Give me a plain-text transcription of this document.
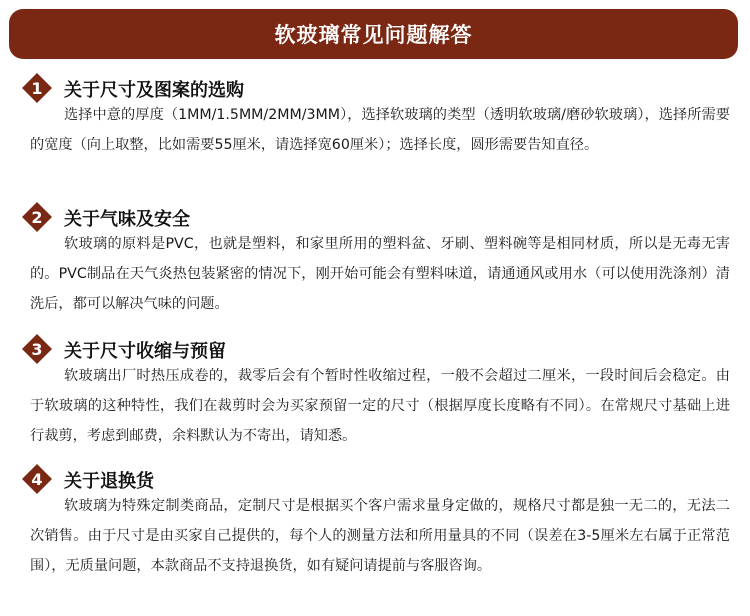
软玻璃常见问题解答
1	关于尺寸及图案的选购
选择中意的厚度（1MM/1.5MM/2MM/3MM），选择软玻璃的类型（透明软玻璃/磨砂软玻璃），选择所需要的宽度（向上取整，比如需要55厘米，请选择宽60厘米）；选择长度，圆形需要告知直径。
2	关于气味及安全
软玻璃的原料是PVC，也就是塑料，和家里所用的塑料盆、牙刷、塑料碗等是相同材质，所以是无毒无害的。PVC制品在天气炎热包装紧密的情况下，刚开始可能会有塑料味道，请通通风或用水（可以使用洗涤剂）清洗后，都可以解决气味的问题。
3	关于尺寸收缩与预留
软玻璃出厂时热压成卷的，裁零后会有个暂时性收缩过程，一般不会超过二厘米，一段时间后会稳定。由于软玻璃的这种特性，我们在裁剪时会为买家预留一定的尺寸（根据厚度长度略有不同）。在常规尺寸基础上进行裁剪，考虑到邮费，余料默认为不寄出，请知悉。
4	关于退换货
软玻璃为特殊定制类商品，定制尺寸是根据买个客户需求量身定做的，规格尺寸都是独一无二的，无法二次销售。由于尺寸是由买家自己提供的，每个人的测量方法和所用量具的不同（误差在3-5厘米左右属于正常范围），无质量问题，本款商品不支持退换货，如有疑问请提前与客服咨询。
